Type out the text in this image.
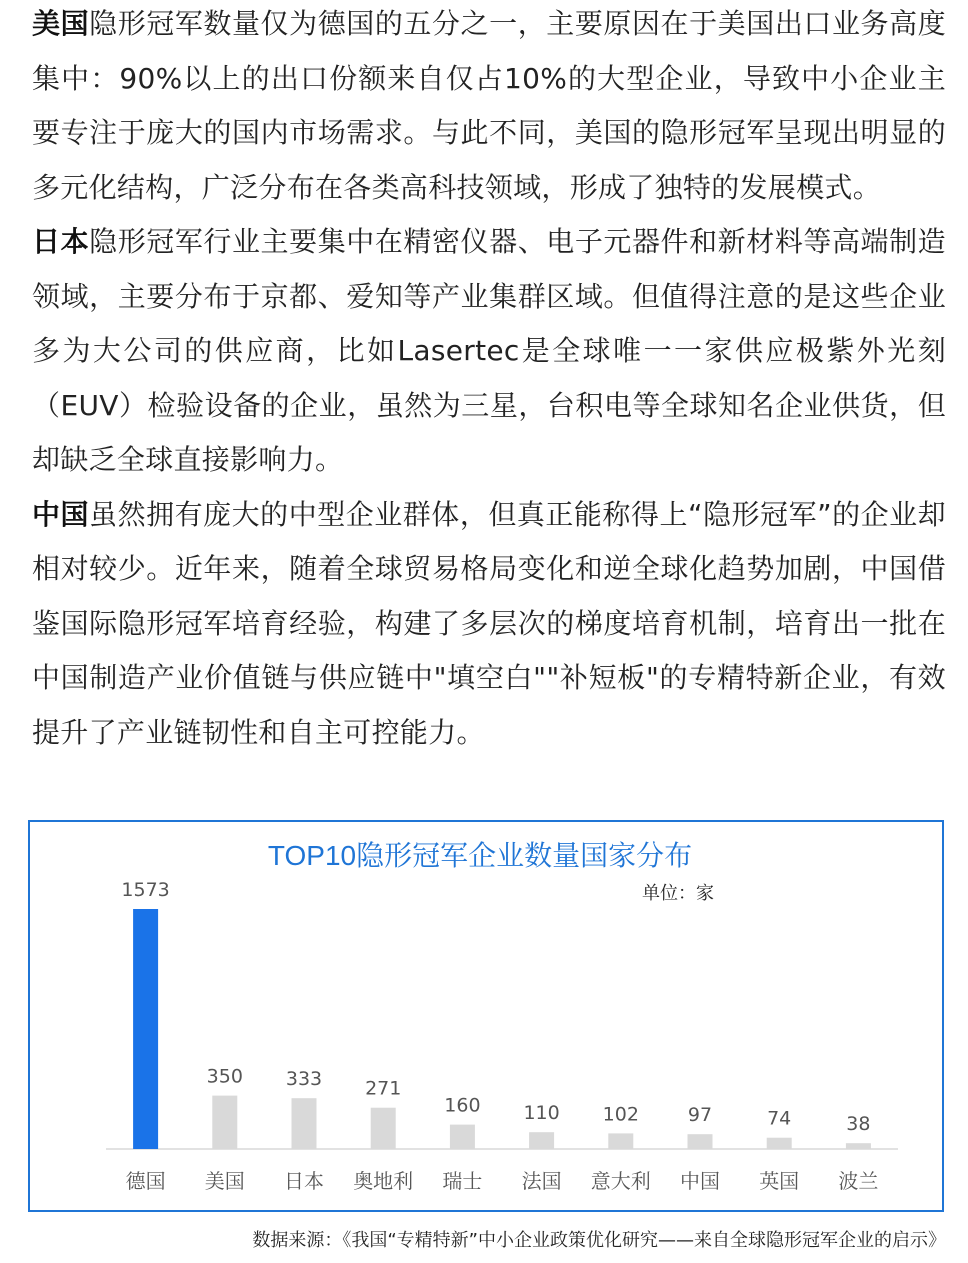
美国隐形冠军数量仅为德国的五分之一，主要原因在于美国出口业务高度集中：90%以上的出口份额来自仅占10%的大型企业，导致中小企业主要专注于庞大的国内市场需求。与此不同，美国的隐形冠军呈现出明显的多元化结构，广泛分布在各类高科技领域，形成了独特的发展模式。

日本隐形冠军行业主要集中在精密仪器、电子元器件和新材料等高端制造领域，主要分布于京都、爱知等产业集群区域。但值得注意的是这些企业多为大公司的供应商，比如Lasertec是全球唯一一家供应极紫外光刻（EUV）检验设备的企业，虽然为三星，台积电等全球知名企业供货，但却缺乏全球直接影响力。

中国虽然拥有庞大的中型企业群体，但真正能称得上“隐形冠军”的企业却相对较少。近年来，随着全球贸易格局变化和逆全球化趋势加剧，中国借鉴国际隐形冠军培育经验，构建了多层次的梯度培育机制，培育出一批在中国制造产业价值链与供应链中"填空白""补短板"的专精特新企业，有效提升了产业链韧性和自主可控能力。

TOP10隐形冠军企业数量国家分布
单位：家
1573
德国
350
美国
333
日本
271
奥地利
160
瑞士
110
法国
102
意大利
97
中国
74
英国
38
波兰
数据来源：《我国“专精特新”中小企业政策优化研究——来自全球隐形冠军企业的启示》
